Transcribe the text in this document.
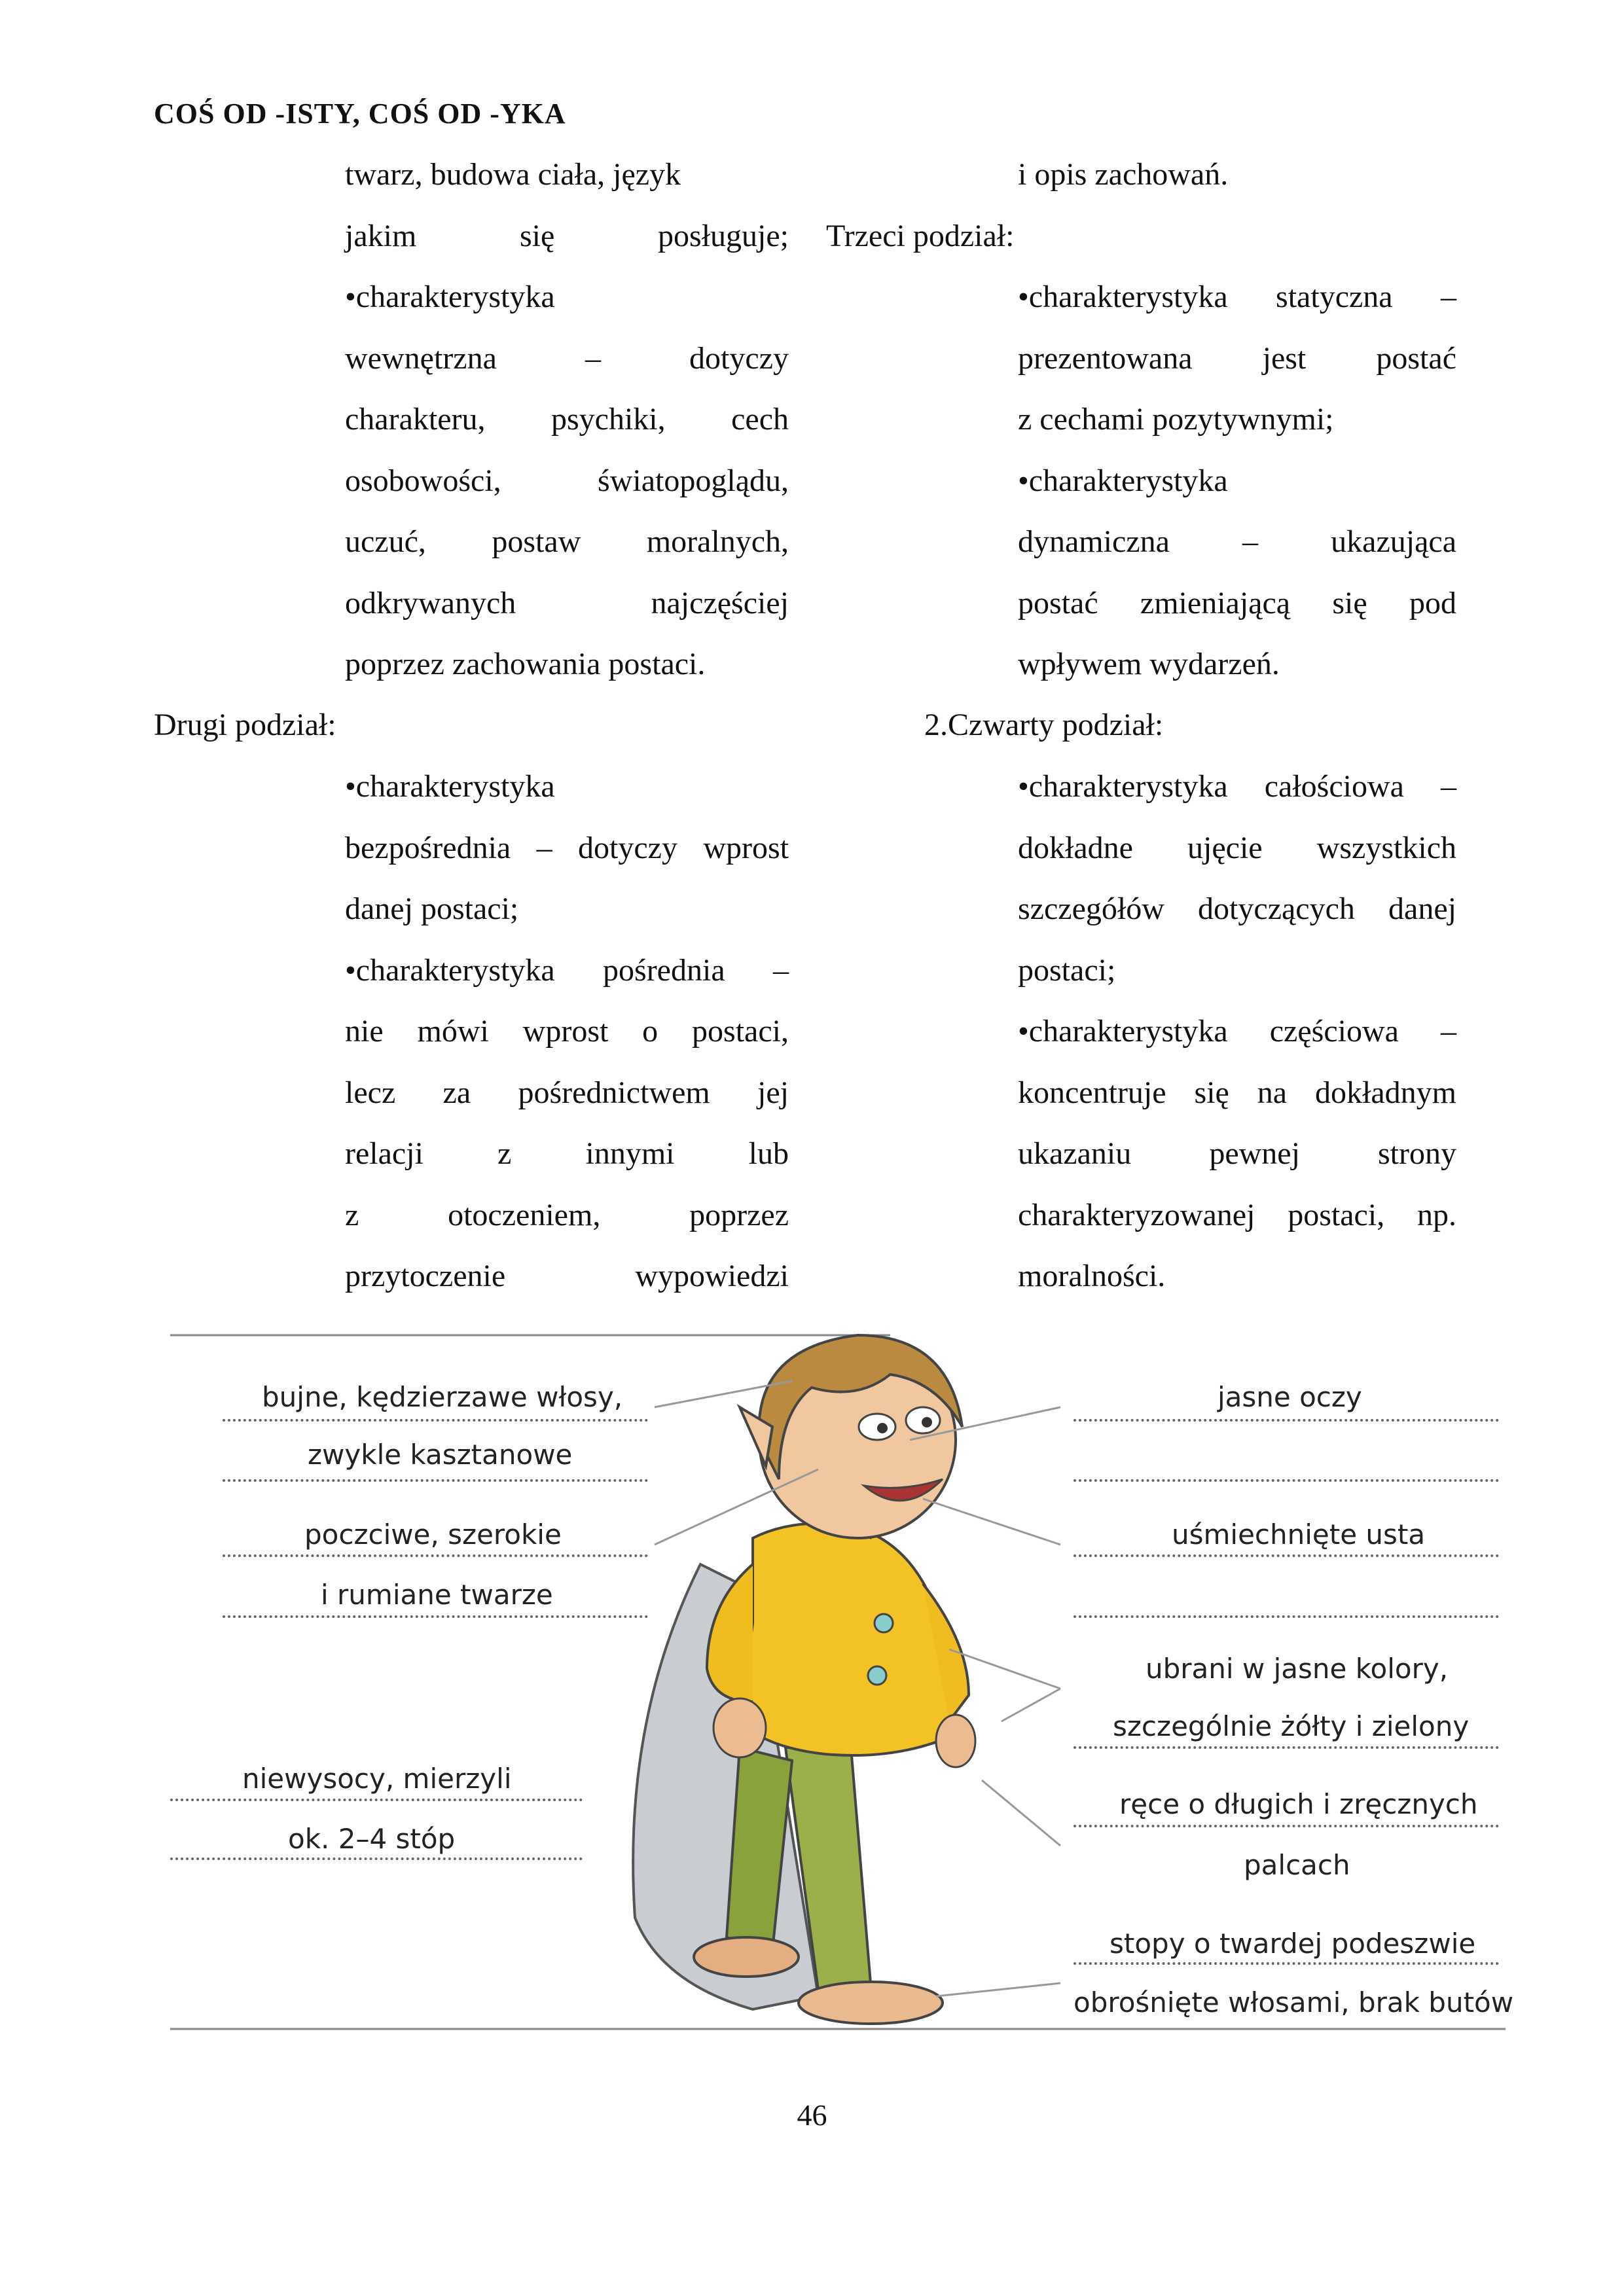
COŚ OD -ISTY, COŚ OD -YKA
twarz, budowa ciała, język
jakim się posługuje;
•charakterystyka
wewnętrzna – dotyczy
charakteru, psychiki, cech
osobowości, światopoglądu,
uczuć, postaw moralnych,
odkrywanych najczęściej
poprzez zachowania postaci.
Drugi podział:
•charakterystyka
bezpośrednia – dotyczy wprost
danej postaci;
•charakterystyka pośrednia –
nie mówi wprost o postaci,
lecz za pośrednictwem jej
relacji z innymi lub
z otoczeniem, poprzez
przytoczenie wypowiedzi
i opis zachowań.
Trzeci podział:
•charakterystyka statyczna –
prezentowana jest postać
z cechami pozytywnymi;
•charakterystyka
dynamiczna – ukazująca
postać zmieniającą się pod
wpływem wydarzeń.
2.Czwarty podział:
•charakterystyka całościowa –
dokładne ujęcie wszystkich
szczegółów dotyczących danej
postaci;
•charakterystyka częściowa –
koncentruje się na dokładnym
ukazaniu pewnej strony
charakteryzowanej postaci, np.
moralności.
bujne, kędzierzawe włosy,
zwykle kasztanowe
poczciwe, szerokie
i rumiane twarze
niewysocy, mierzyli
ok. 2–4 stóp
jasne oczy
uśmiechnięte usta
ubrani w jasne kolory,
szczególnie żółty i zielony
ręce o długich i zręcznych
palcach
stopy o twardej podeszwie
obrośnięte włosami, brak butów
46
